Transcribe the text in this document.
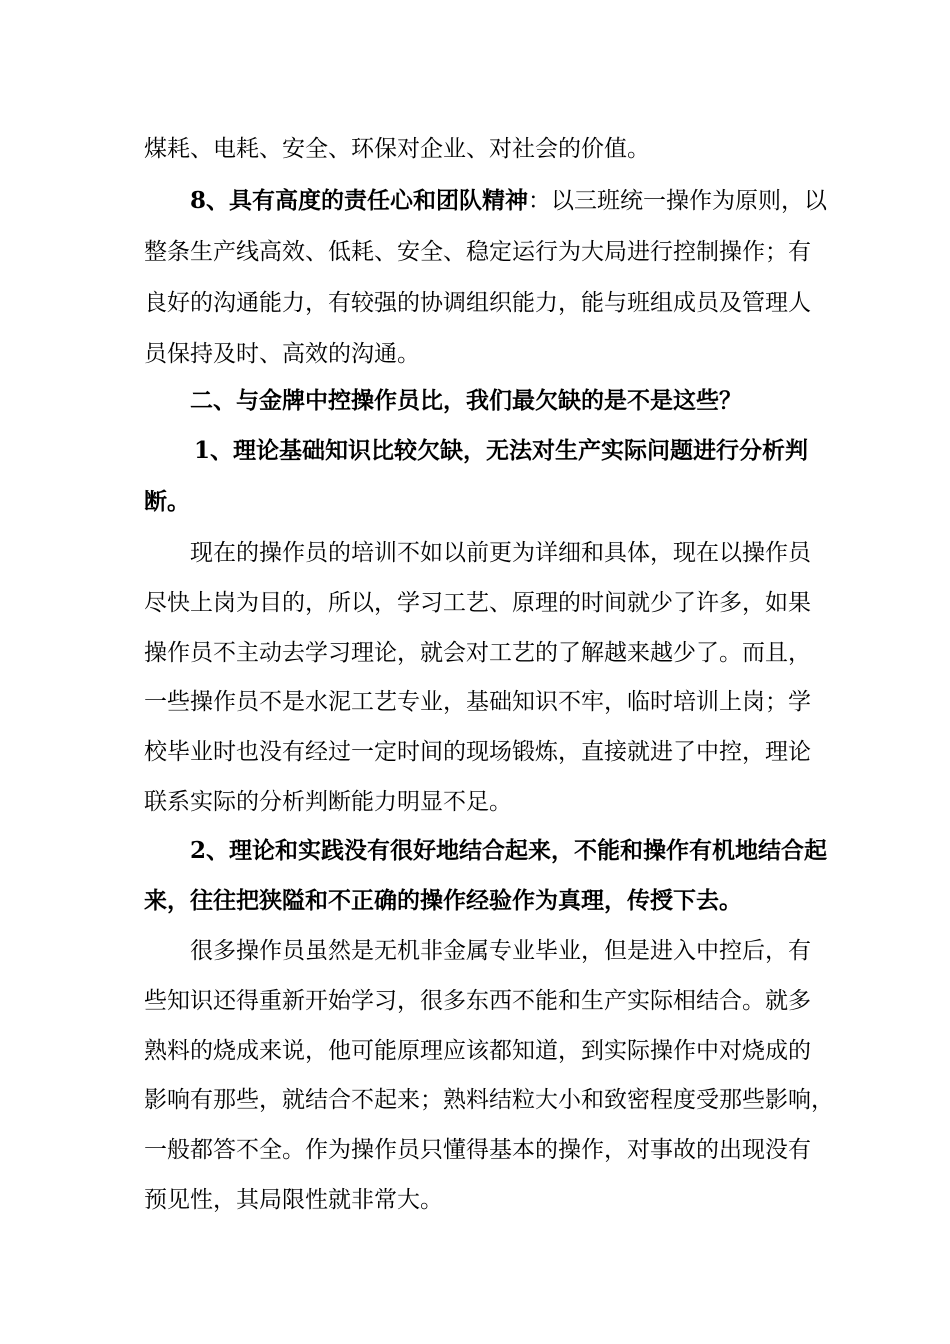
煤耗、电耗、安全、环保对企业、对社会的价值。
8、具有高度的责任心和团队精神：以三班统一操作为原则，以
整条生产线高效、低耗、安全、稳定运行为大局进行控制操作；有
良好的沟通能力，有较强的协调组织能力，能与班组成员及管理人
员保持及时、高效的沟通。
二、与金牌中控操作员比，我们最欠缺的是不是这些？
1、理论基础知识比较欠缺，无法对生产实际问题进行分析判
断。
现在的操作员的培训不如以前更为详细和具体，现在以操作员
尽快上岗为目的，所以，学习工艺、原理的时间就少了许多，如果
操作员不主动去学习理论，就会对工艺的了解越来越少了。而且，
一些操作员不是水泥工艺专业，基础知识不牢，临时培训上岗；学
校毕业时也没有经过一定时间的现场锻炼，直接就进了中控，理论
联系实际的分析判断能力明显不足。
2、理论和实践没有很好地结合起来，不能和操作有机地结合起
来，往往把狭隘和不正确的操作经验作为真理，传授下去。
很多操作员虽然是无机非金属专业毕业，但是进入中控后，有
些知识还得重新开始学习，很多东西不能和生产实际相结合。就多
熟料的烧成来说，他可能原理应该都知道，到实际操作中对烧成的
影响有那些，就结合不起来；熟料结粒大小和致密程度受那些影响，
一般都答不全。作为操作员只懂得基本的操作，对事故的出现没有
预见性，其局限性就非常大。
